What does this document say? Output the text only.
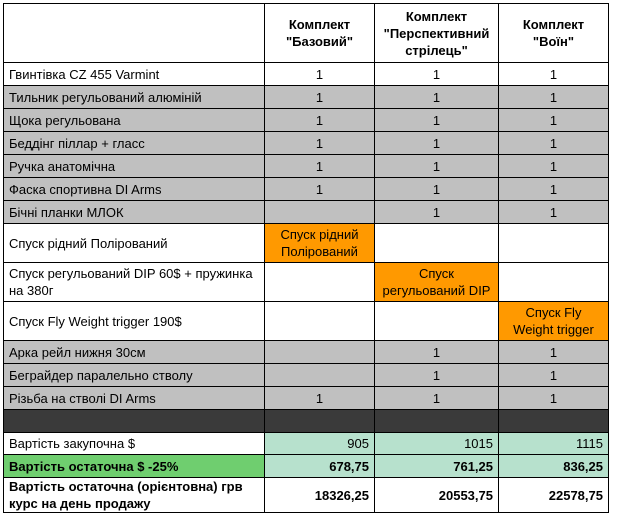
	Комплект "Базовий"	Комплект "Перспективний стрілець"	Комплект "Воїн"
Гвинтівка CZ 455 Varmint	1	1	1
Тильник регульований алюміній	1	1	1
Щока регульована	1	1	1
Беддінг піллар + гласс	1	1	1
Ручка анатомічна	1	1	1
Фаска спортивна DI Arms	1	1	1
Бічні планки МЛОК		1	1
Спуск рідний Полірований	Спуск рідний Полірований		
Спуск регульований DIP 60$ + пружинка на 380г		Спуск регульований DIP	
Спуск Fly Weight trigger 190$			Спуск Fly Weight trigger
Арка рейл нижня 30см		1	1
Беграйдер паралельно стволу		1	1
Різьба на стволі DI Arms	1	1	1

Вартість закупочна $	905	1015	1115
Вартість остаточна $ -25%	678,75	761,25	836,25
Вартість остаточна (орієнтовна) грв курс на день продажу	18326,25	20553,75	22578,75
